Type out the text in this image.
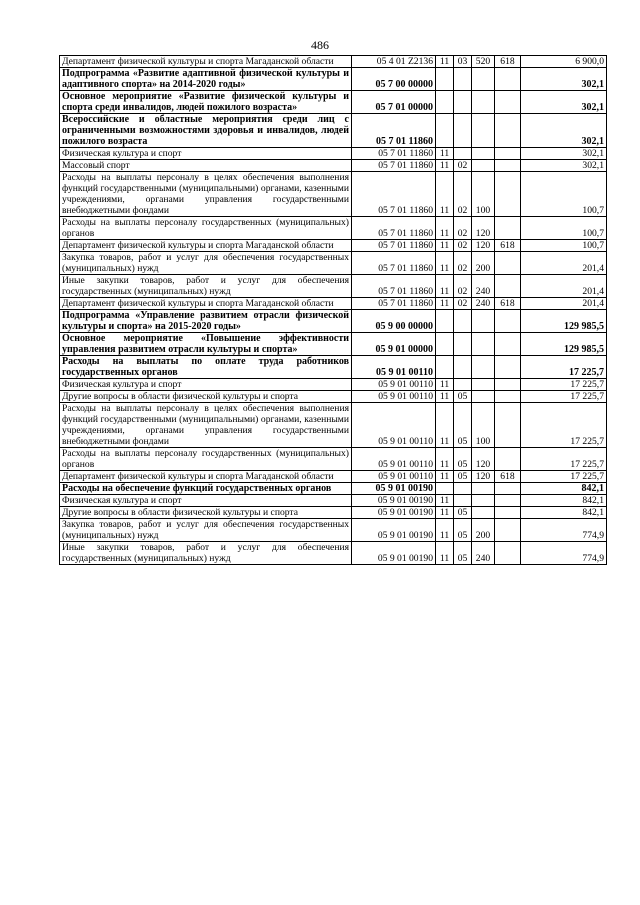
486
Департамент физической культуры и спорта Магаданской области	05 4 01 Z2136	11	03	520	618	6 900,0
Подпрограмма «Развитие адаптивной физической культуры и адаптивного спорта» на 2014-2020 годы»	05 7 00 00000					302,1
Основное мероприятие «Развитие физической культуры и спорта среди инвалидов, людей пожилого возраста»	05 7 01 00000					302,1
Всероссийские и областные мероприятия среди лиц с ограниченными возможностями здоровья и инвалидов, людей пожилого возраста	05 7 01 11860					302,1
Физическая культура и спорт	05 7 01 11860	11				302,1
Массовый спорт	05 7 01 11860	11	02			302,1
Расходы на выплаты персоналу в целях обеспечения выполнения функций государственными (муниципальными) органами, казенными учреждениями, органами управления государственными внебюджетными фондами	05 7 01 11860	11	02	100		100,7
Расходы на выплаты персоналу государственных (муниципальных) органов	05 7 01 11860	11	02	120		100,7
Департамент физической культуры и спорта Магаданской области	05 7 01 11860	11	02	120	618	100,7
Закупка товаров, работ и услуг для обеспечения государственных (муниципальных) нужд	05 7 01 11860	11	02	200		201,4
Иные закупки товаров, работ и услуг для обеспечения государственных (муниципальных) нужд	05 7 01 11860	11	02	240		201,4
Департамент физической культуры и спорта Магаданской области	05 7 01 11860	11	02	240	618	201,4
Подпрограмма «Управление развитием отрасли физической культуры и спорта» на 2015-2020 годы»	05 9 00 00000					129 985,5
Основное мероприятие «Повышение эффективности управления развитием отрасли культуры и спорта»	05 9 01 00000					129 985,5
Расходы на выплаты по оплате труда работников государственных органов	05 9 01 00110					17 225,7
Физическая культура и спорт	05 9 01 00110	11				17 225,7
Другие вопросы в области физической культуры и спорта	05 9 01 00110	11	05			17 225,7
Расходы на выплаты персоналу в целях обеспечения выполнения функций государственными (муниципальными) органами, казенными учреждениями, органами управления государственными внебюджетными фондами	05 9 01 00110	11	05	100		17 225,7
Расходы на выплаты персоналу государственных (муниципальных) органов	05 9 01 00110	11	05	120		17 225,7
Департамент физической культуры и спорта Магаданской области	05 9 01 00110	11	05	120	618	17 225,7
Расходы на обеспечение функций государственных органов	05 9 01 00190					842,1
Физическая культура и спорт	05 9 01 00190	11				842,1
Другие вопросы в области физической культуры и спорта	05 9 01 00190	11	05			842,1
Закупка товаров, работ и услуг для обеспечения государственных (муниципальных) нужд	05 9 01 00190	11	05	200		774,9
Иные закупки товаров, работ и услуг для обеспечения государственных (муниципальных) нужд	05 9 01 00190	11	05	240		774,9
